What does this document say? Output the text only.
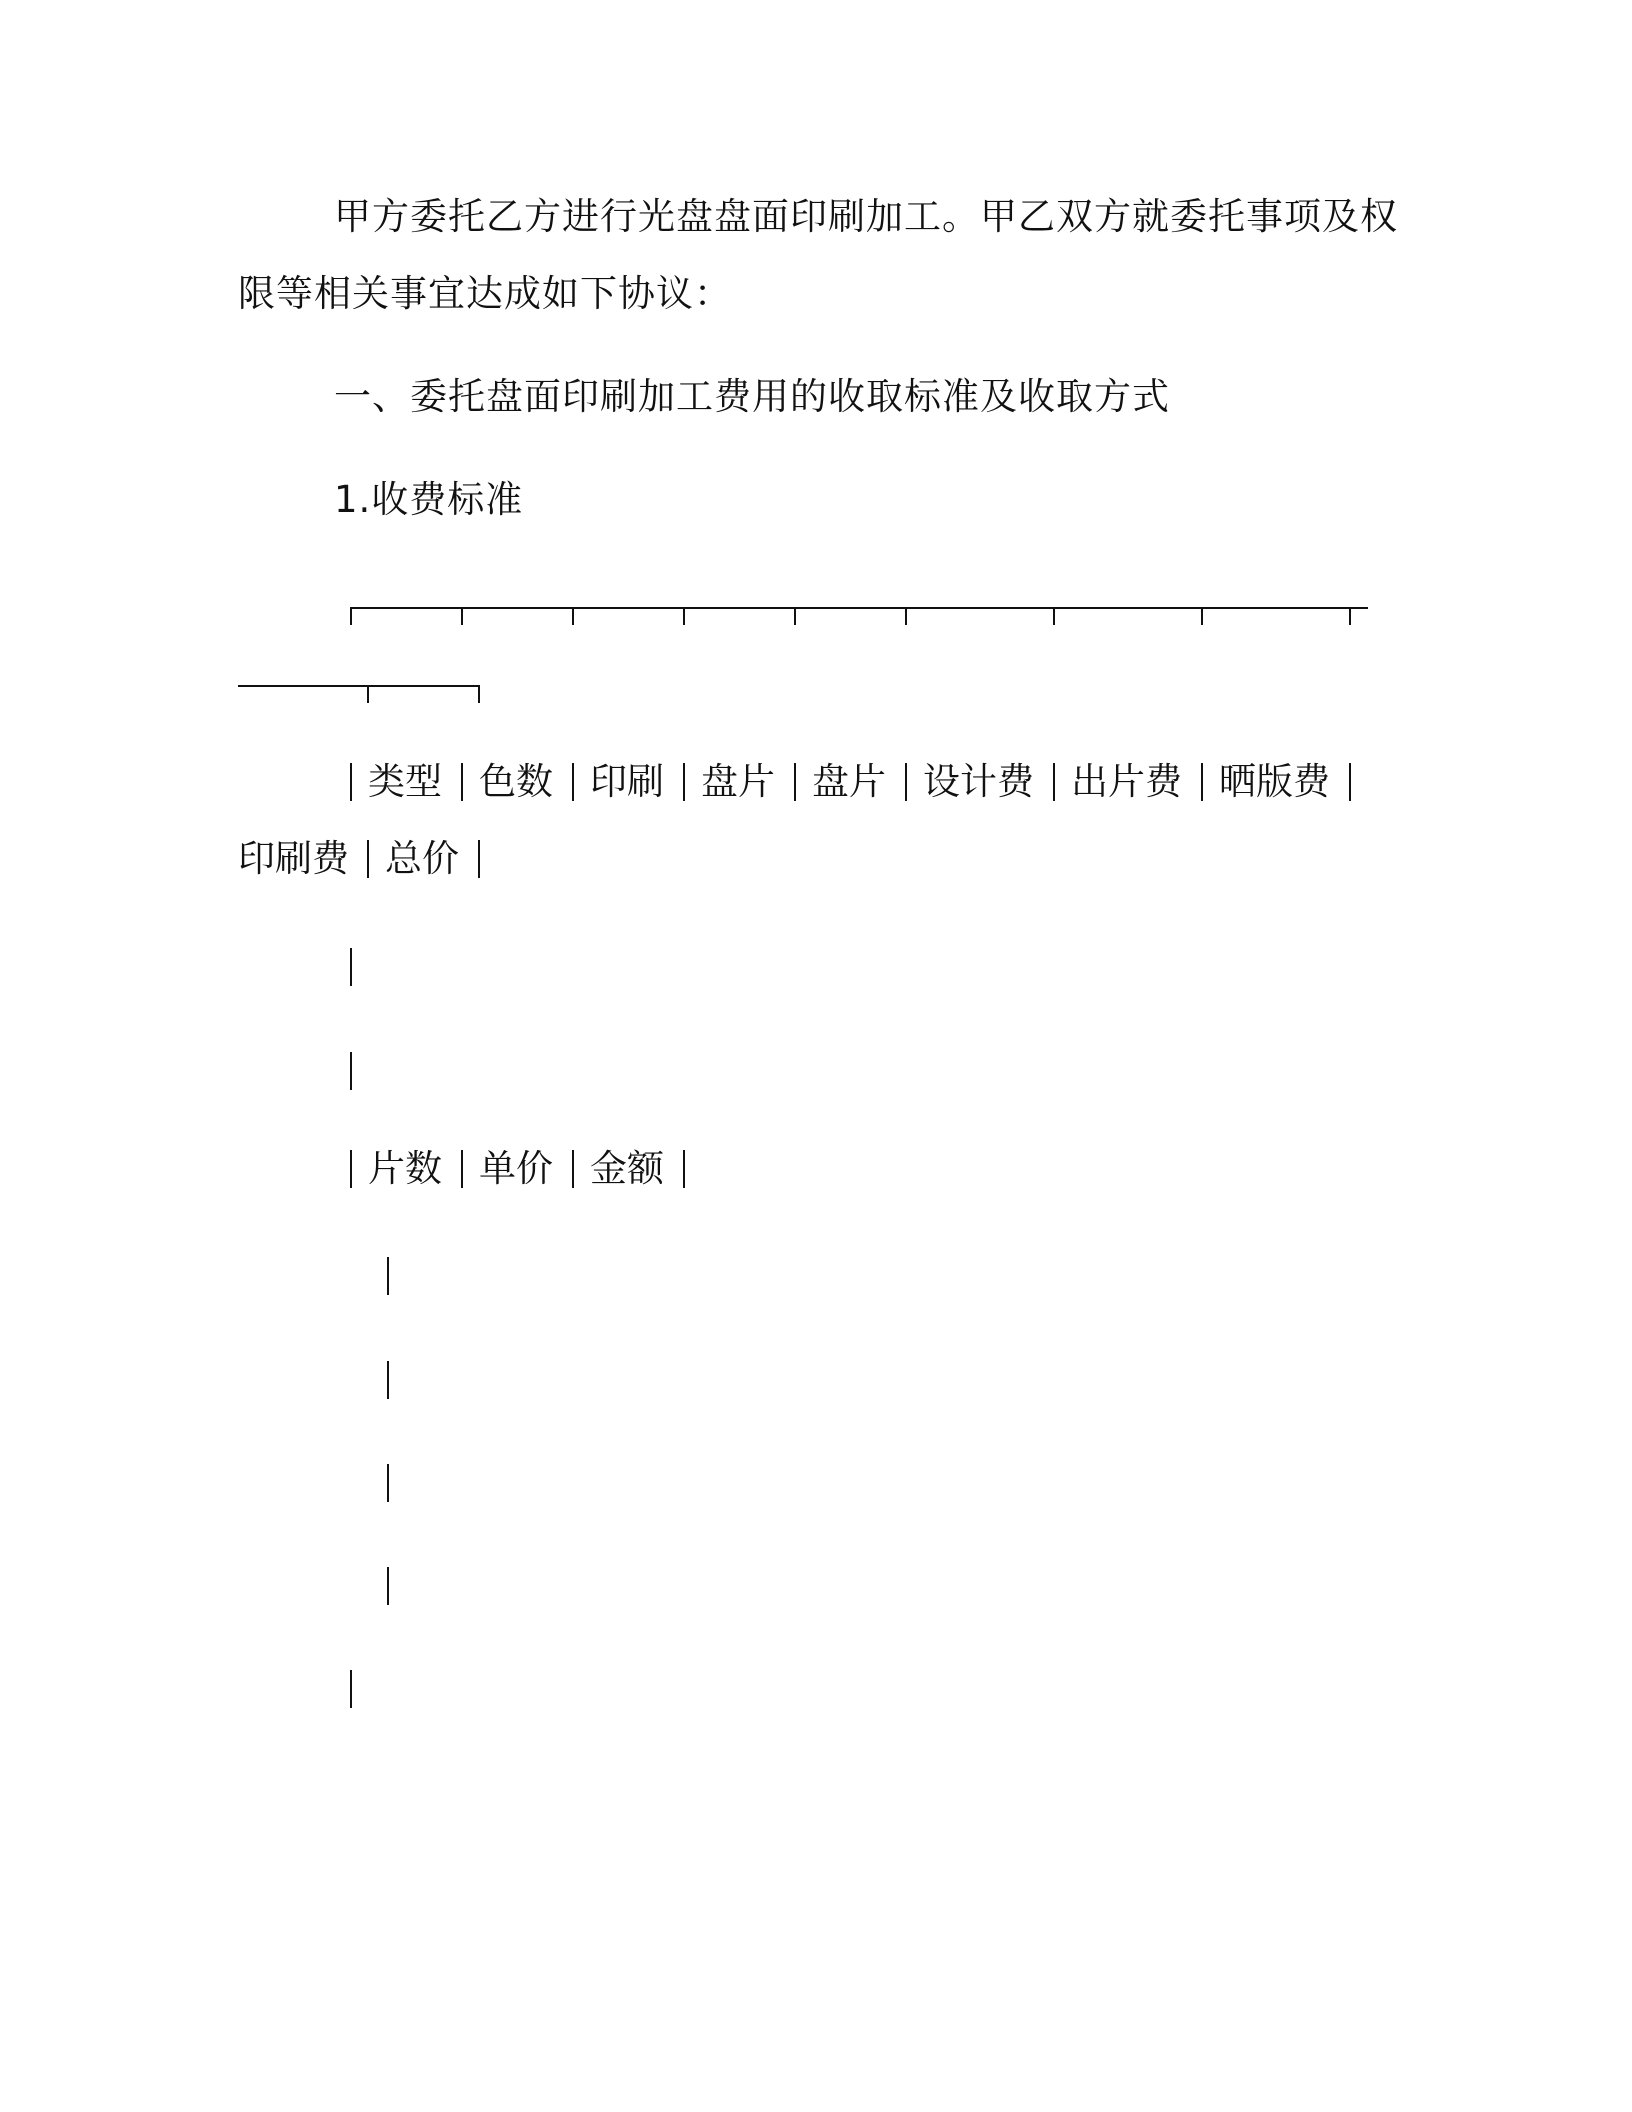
甲方委托乙方进行光盘盘面印刷加工。甲乙双方就委托事项及权
限等相关事宜达成如下协议：
一、委托盘面印刷加工费用的收取标准及收取方式
1.收费标准
类型 色数 印刷 盘片 盘片 设计费 出片费 晒版费
印刷费 总价
片数 单价 金额
